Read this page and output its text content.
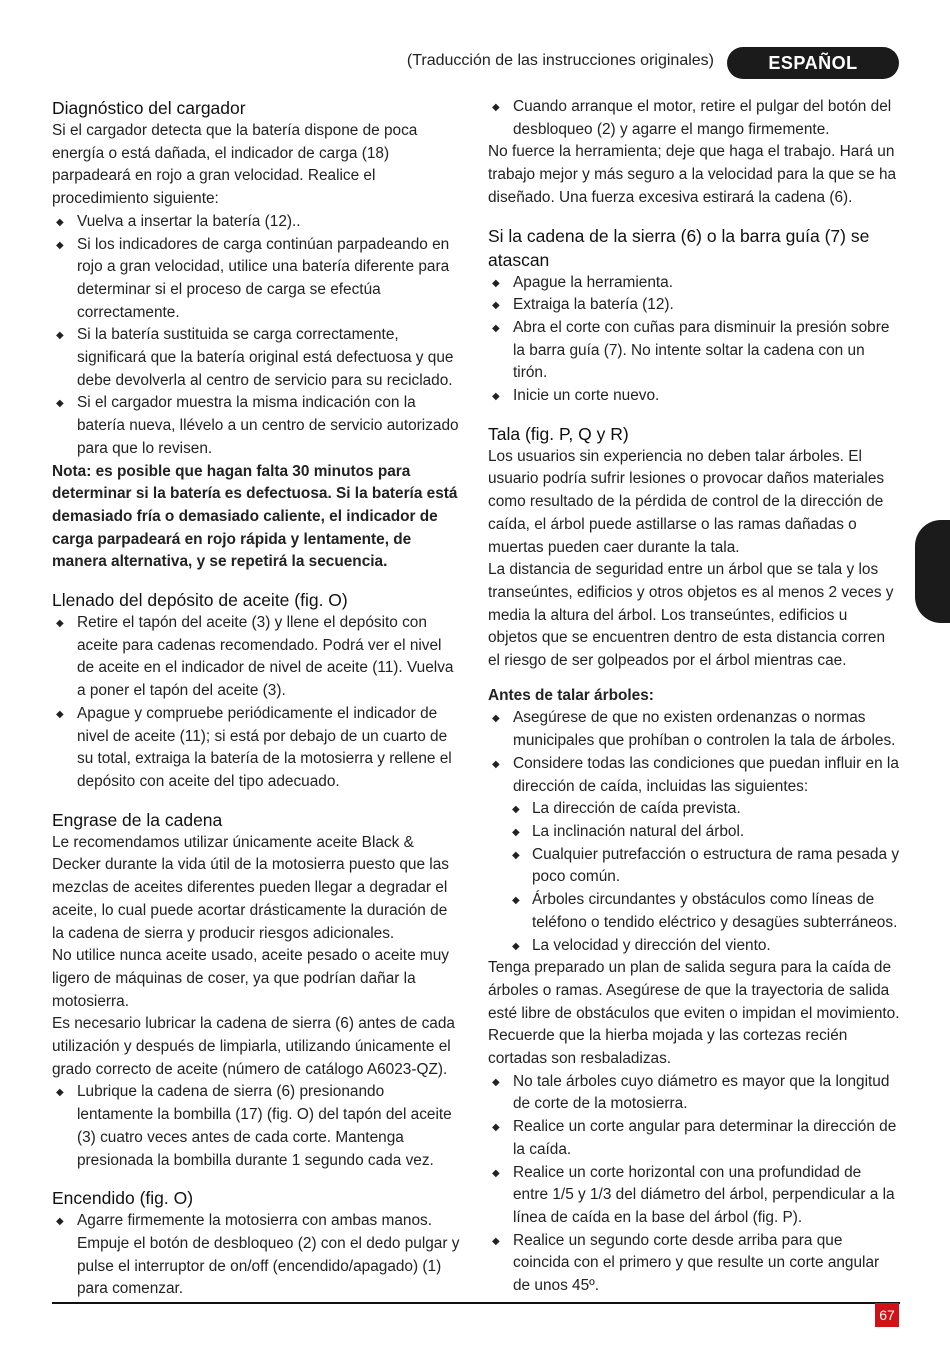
(Traducción de las instrucciones originales)	ESPAÑOL
Diagnóstico del cargador

Si el cargador detecta que la batería dispone de poca energía o está dañada, el indicador de carga (18) parpadeará en rojo a gran velocidad. Realice el procedimiento siguiente:

◆ Vuelva a insertar la batería (12)..
◆ Si los indicadores de carga continúan parpadeando en rojo a gran velocidad, utilice una batería diferente para determinar si el proceso de carga se efectúa correctamente.
◆ Si la batería sustituida se carga correctamente, significará que la batería original está defectuosa y que debe devolverla al centro de servicio para su reciclado.
◆ Si el cargador muestra la misma indicación con la batería nueva, llévelo a un centro de servicio autorizado para que lo revisen.

Nota: es posible que hagan falta 30 minutos para determinar si la batería es defectuosa. Si la batería está demasiado fría o demasiado caliente, el indicador de carga parpadeará en rojo rápida y lentamente, de manera alternativa, y se repetirá la secuencia.

Llenado del depósito de aceite (fig. O)
◆ Retire el tapón del aceite (3) y llene el depósito con aceite para cadenas recomendado. Podrá ver el nivel de aceite en el indicador de nivel de aceite (11). Vuelva a poner el tapón del aceite (3).
◆ Apague y compruebe periódicamente el indicador de nivel de aceite (11); si está por debajo de un cuarto de su total, extraiga la batería de la motosierra y rellene el depósito con aceite del tipo adecuado.
Engrase de la cadena

Le recomendamos utilizar únicamente aceite Black & Decker durante la vida útil de la motosierra puesto que las mezclas de aceites diferentes pueden llegar a degradar el aceite, lo cual puede acortar drásticamente la duración de la cadena de sierra y producir riesgos adicionales.

No utilice nunca aceite usado, aceite pesado o aceite muy ligero de máquinas de coser, ya que podrían dañar la motosierra.

Es necesario lubricar la cadena de sierra (6) antes de cada utilización y después de limpiarla, utilizando únicamente el grado correcto de aceite (número de catálogo A6023-QZ).

◆ Lubrique la cadena de sierra (6) presionando lentamente la bombilla (17) (fig. O) del tapón del aceite (3) cuatro veces antes de cada corte. Mantenga presionada la bombilla durante 1 segundo cada vez.
Encendido (fig. O)
◆ Agarre firmemente la motosierra con ambas manos. Empuje el botón de desbloqueo (2) con el dedo pulgar y pulse el interruptor de on/off (encendido/apagado) (1) para comenzar.
◆ Cuando arranque el motor, retire el pulgar del botón del desbloqueo (2) y agarre el mango firmemente.

No fuerce la herramienta; deje que haga el trabajo. Hará un trabajo mejor y más seguro a la velocidad para la que se ha diseñado. Una fuerza excesiva estirará la cadena (6).

Si la cadena de la sierra (6) o la barra guía (7) se atascan
◆ Apague la herramienta.
◆ Extraiga la batería (12).
◆ Abra el corte con cuñas para disminuir la presión sobre la barra guía (7). No intente soltar la cadena con un tirón.
◆ Inicie un corte nuevo.
Tala (fig. P, Q y R)

Los usuarios sin experiencia no deben talar árboles. El usuario podría sufrir lesiones o provocar daños materiales como resultado de la pérdida de control de la dirección de caída, el árbol puede astillarse o las ramas dañadas o muertas pueden caer durante la tala.

La distancia de seguridad entre un árbol que se tala y los transeúntes, edificios y otros objetos es al menos 2 veces y media la altura del árbol. Los transeúntes, edificios u objetos que se encuentren dentro de esta distancia corren el riesgo de ser golpeados por el árbol mientras cae.

Antes de talar árboles:

◆ Asegúrese de que no existen ordenanzas o normas municipales que prohíban o controlen la tala de árboles.
◆ Considere todas las condiciones que puedan influir en la dirección de caída, incluidas las siguientes:
◆ La dirección de caída prevista.
◆ La inclinación natural del árbol.
◆ Cualquier putrefacción o estructura de rama pesada y poco común.
◆ Árboles circundantes y obstáculos como líneas de teléfono o tendido eléctrico y desagües subterráneos.
◆ La velocidad y dirección del viento.

Tenga preparado un plan de salida segura para la caída de árboles o ramas. Asegúrese de que la trayectoria de salida esté libre de obstáculos que eviten o impidan el movimiento. Recuerde que la hierba mojada y las cortezas recién cortadas son resbaladizas.

◆ No tale árboles cuyo diámetro es mayor que la longitud de corte de la motosierra.
◆ Realice un corte angular para determinar la dirección de la caída.
◆ Realice un corte horizontal con una profundidad de entre 1/5 y 1/3 del diámetro del árbol, perpendicular a la línea de caída en la base del árbol (fig. P).
◆ Realice un segundo corte desde arriba para que coincida con el primero y que resulte un corte angular de unos 45º.
67
